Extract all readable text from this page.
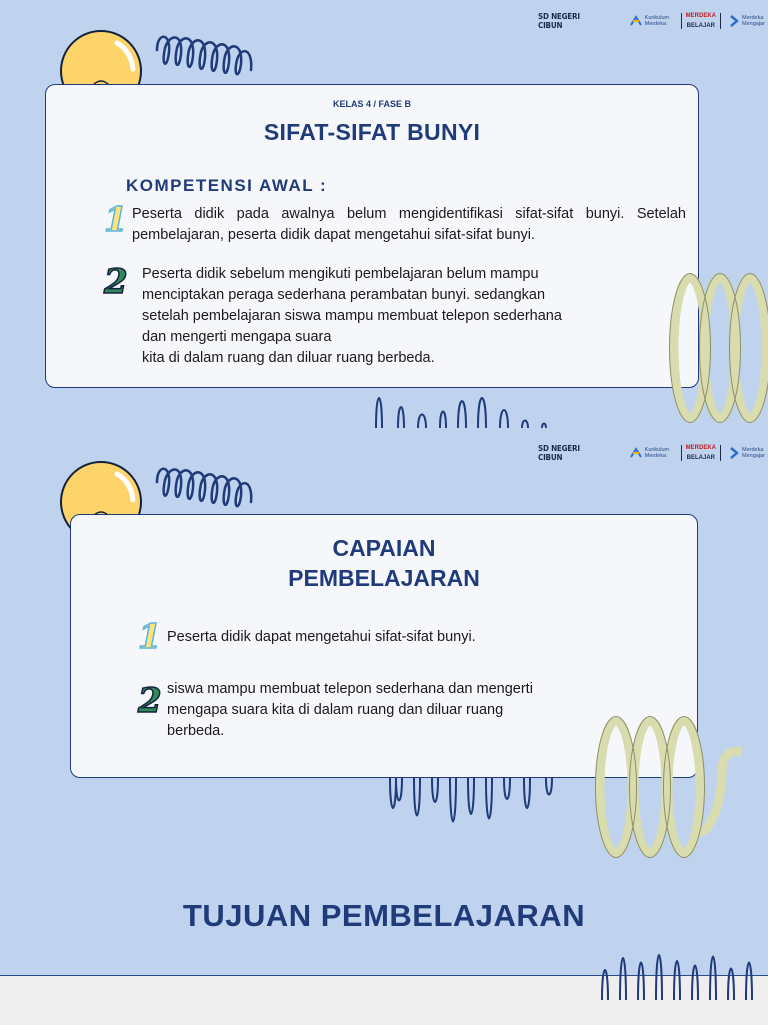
SD NEGERI CIBUN
Kurikulum Merdeka
MERDEKA
BELAJAR
Merdeka Mengajar
KELAS 4 / FASE B
SIFAT-SIFAT BUNYI
KOMPETENSI AWAL :
1 Peserta didik pada awalnya belum mengidentifikasi sifat-sifat bunyi. Setelah pembelajaran, peserta didik dapat mengetahui sifat-sifat bunyi.
2 Peserta didik sebelum mengikuti pembelajaran belum mampu
menciptakan peraga sederhana perambatan bunyi. sedangkan
setelah pembelajaran siswa mampu membuat telepon sederhana
dan mengerti mengapa suara
kita di dalam ruang dan diluar ruang berbeda.
SD NEGERI CIBUN
Kurikulum Merdeka
MERDEKA
BELAJAR
Merdeka Mengajar
CAPAIAN
PEMBELAJARAN
1 Peserta didik dapat mengetahui sifat-sifat bunyi.
2 siswa mampu membuat telepon sederhana dan mengerti
mengapa suara kita di dalam ruang dan diluar ruang
berbeda.
TUJUAN PEMBELAJARAN
